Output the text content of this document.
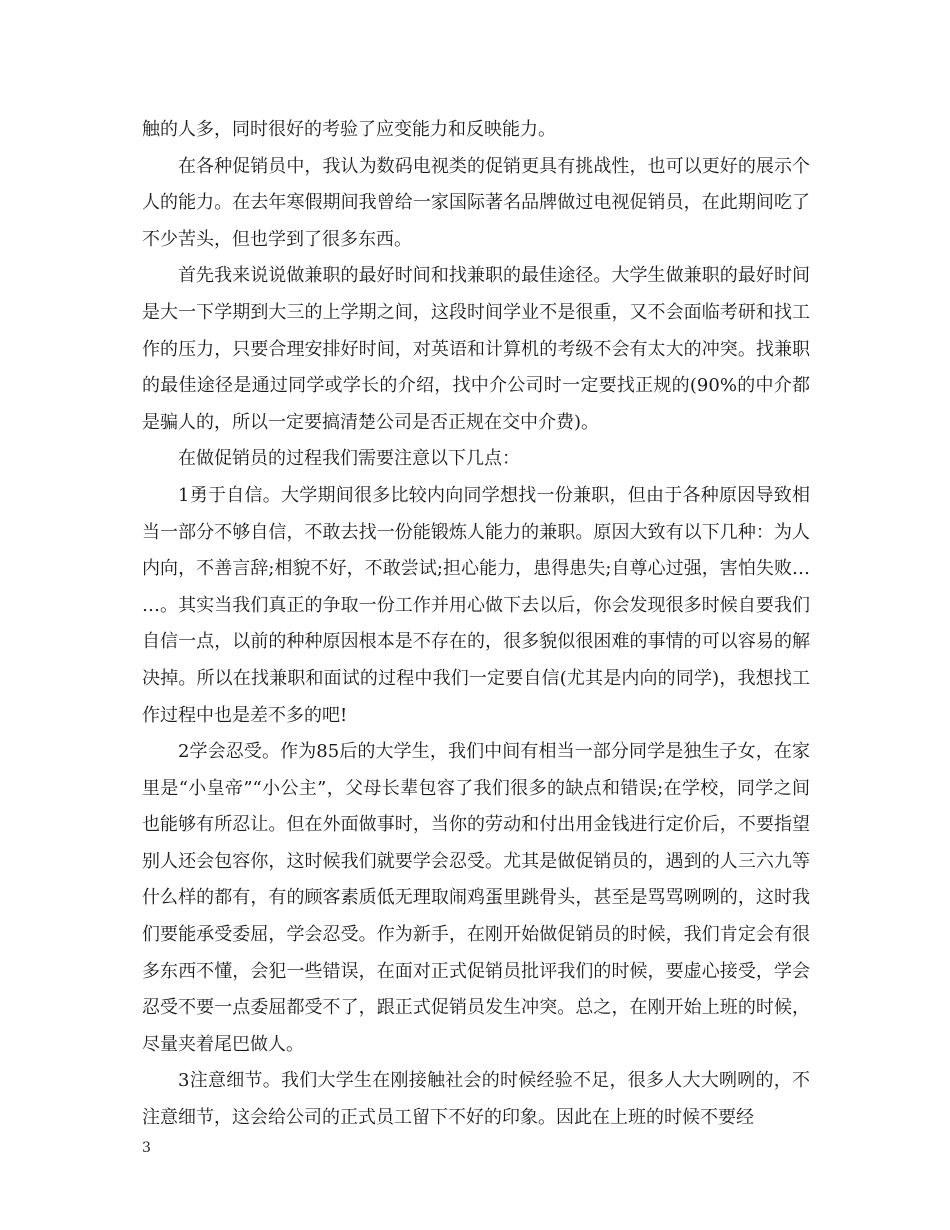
触的人多，同时很好的考验了应变能力和反映能力。

在各种促销员中，我认为数码电视类的促销更具有挑战性，也可以更好的展示个人的能力。在去年寒假期间我曾给一家国际著名品牌做过电视促销员，在此期间吃了不少苦头，但也学到了很多东西。

首先我来说说做兼职的最好时间和找兼职的最佳途径。大学生做兼职的最好时间是大一下学期到大三的上学期之间，这段时间学业不是很重，又不会面临考研和找工作的压力，只要合理安排好时间，对英语和计算机的考级不会有太大的冲突。找兼职的最佳途径是通过同学或学长的介绍，找中介公司时一定要找正规的(90%的中介都是骗人的，所以一定要搞清楚公司是否正规在交中介费)。

在做促销员的过程我们需要注意以下几点：

1勇于自信。大学期间很多比较内向同学想找一份兼职，但由于各种原因导致相当一部分不够自信，不敢去找一份能锻炼人能力的兼职。原因大致有以下几种：为人内向，不善言辞;相貌不好，不敢尝试;担心能力，患得患失;自尊心过强，害怕失败……。其实当我们真正的争取一份工作并用心做下去以后，你会发现很多时候自要我们自信一点，以前的种种原因根本是不存在的，很多貌似很困难的事情的可以容易的解决掉。所以在找兼职和面试的过程中我们一定要自信(尤其是内向的同学)，我想找工作过程中也是差不多的吧!

2学会忍受。作为85后的大学生，我们中间有相当一部分同学是独生子女，在家里是“小皇帝”“小公主”，父母长辈包容了我们很多的缺点和错误;在学校，同学之间也能够有所忍让。但在外面做事时，当你的劳动和付出用金钱进行定价后，不要指望别人还会包容你，这时候我们就要学会忍受。尤其是做促销员的，遇到的人三六九等什么样的都有，有的顾客素质低无理取闹鸡蛋里跳骨头，甚至是骂骂咧咧的，这时我们要能承受委屈，学会忍受。作为新手，在刚开始做促销员的时候，我们肯定会有很多东西不懂，会犯一些错误，在面对正式促销员批评我们的时候，要虚心接受，学会忍受不要一点委屈都受不了，跟正式促销员发生冲突。总之，在刚开始上班的时候，尽量夹着尾巴做人。

3注意细节。我们大学生在刚接触社会的时候经验不足，很多人大大咧咧的，不注意细节，这会给公司的正式员工留下不好的印象。因此在上班的时候不要经

3
